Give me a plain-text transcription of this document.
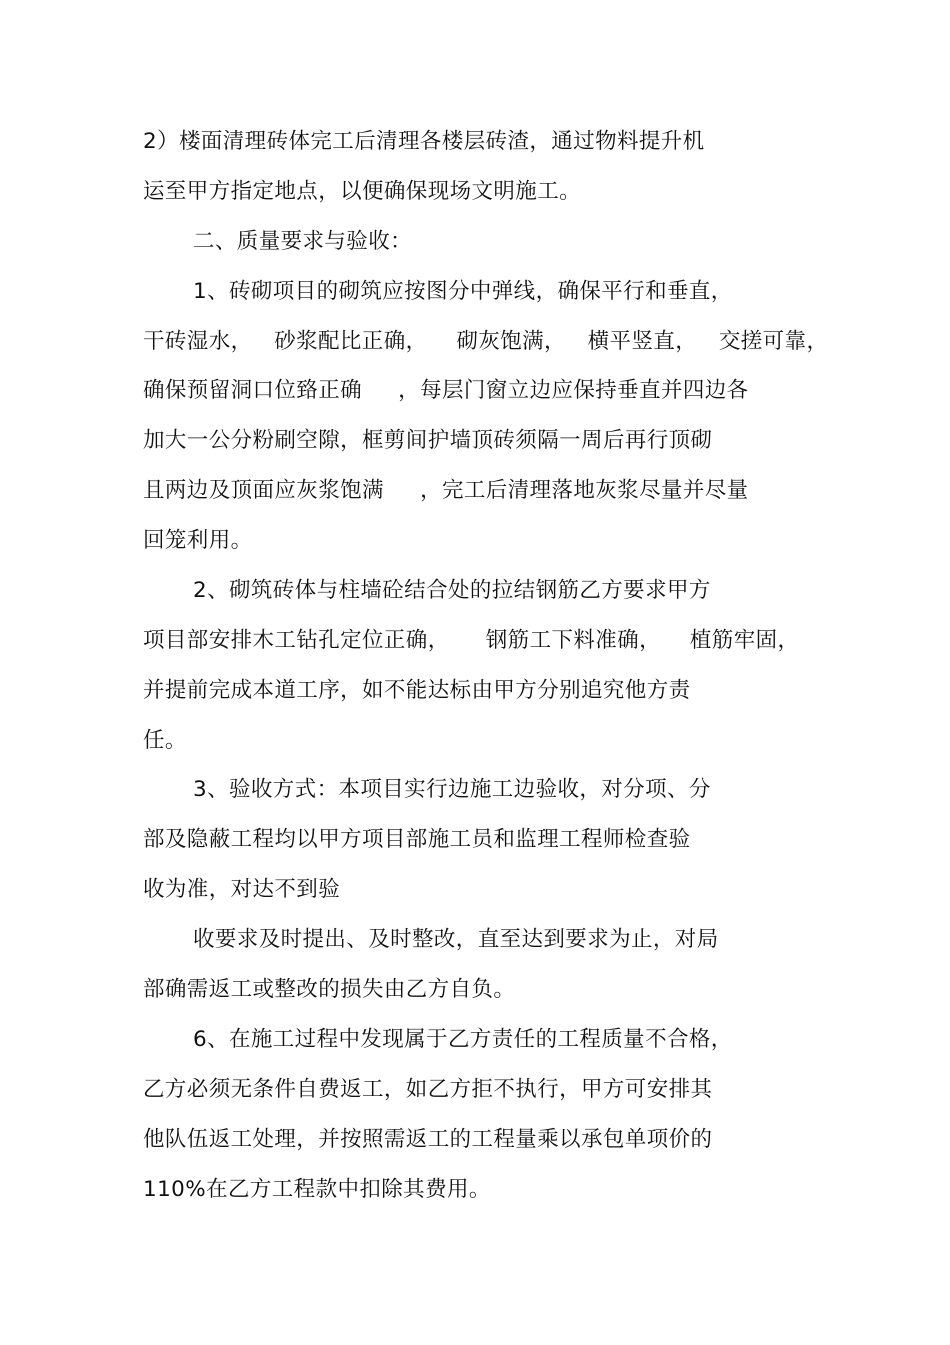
2）楼面清理砖体完工后清理各楼层砖渣，通过物料提升机
运至甲方指定地点，以便确保现场文明施工。
二、质量要求与验收：
1、砖砌项目的砌筑应按图分中弹线，确保平行和垂直，
干砖湿水，   砂浆配比正确，    砌灰饱满，   横平竖直，   交搓可靠，
确保预留洞口位臵正确     ，每层门窗立边应保持垂直并四边各
加大一公分粉刷空隙，框剪间护墙顶砖须隔一周后再行顶砌
且两边及顶面应灰浆饱满     ，完工后清理落地灰浆尽量并尽量
回笼利用。
2、砌筑砖体与柱墙砼结合处的拉结钢筋乙方要求甲方
项目部安排木工钻孔定位正确，     钢筋工下料准确，    植筋牢固，
并提前完成本道工序，如不能达标由甲方分别追究他方责
任。
3、验收方式：本项目实行边施工边验收，对分项、分
部及隐蔽工程均以甲方项目部施工员和监理工程师检查验
收为准，对达不到验
收要求及时提出、及时整改，直至达到要求为止，对局
部确需返工或整改的损失由乙方自负。
6、在施工过程中发现属于乙方责任的工程质量不合格，
乙方必须无条件自费返工，如乙方拒不执行，甲方可安排其
他队伍返工处理，并按照需返工的工程量乘以承包单项价的
110%在乙方工程款中扣除其费用。
